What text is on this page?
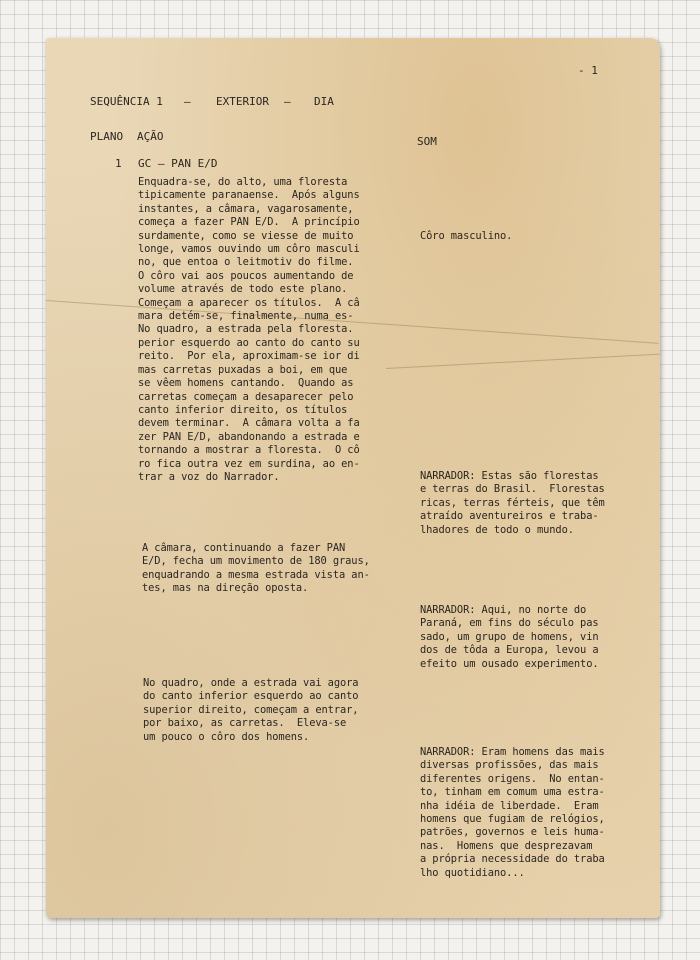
- 1

SEQUÊNCIA 1 — EXTERIOR — DIA

PLANO AÇÃO	SOM

1 GC — PAN E/D

Enquadra-se, do alto, uma floresta
tipicamente paranaense.  Após alguns
instantes, a câmara, vagarosamente,
começa a fazer PAN E/D.  A princípio
surdamente, como se viesse de muito
longe, vamos ouvindo um côro masculi
no, que entoa o leitmotiv do filme.
O côro vai aos poucos aumentando de
volume através de todo este plano.
Começam a aparecer os títulos.  A câ
mara detém-se, finalmente, numa es-
No quadro, a estrada pela floresta.
perior esquerdo ao canto do canto su
reito.  Por ela, aproximam-se ior di
mas carretas puxadas a boi, em que
se vêem homens cantando.  Quando as
carretas começam a desaparecer pelo
canto inferior direito, os títulos
devem terminar.  A câmara volta a fa
zer PAN E/D, abandonando a estrada e
tornando a mostrar a floresta.  O cô
ro fica outra vez em surdina, ao en-
trar a voz do Narrador.

A câmara, continuando a fazer PAN
E/D, fecha um movimento de 180 graus,
enquadrando a mesma estrada vista an-
tes, mas na direção oposta.

No quadro, onde a estrada vai agora
do canto inferior esquerdo ao canto
superior direito, começam a entrar,
por baixo, as carretas.  Eleva-se
um pouco o côro dos homens.

Côro masculino.

NARRADOR: Estas são florestas
e terras do Brasil.  Florestas
ricas, terras férteis, que têm
atraído aventureiros e traba-
lhadores de todo o mundo.

NARRADOR: Aqui, no norte do
Paraná, em fins do século pas
sado, um grupo de homens, vin
dos de tôda a Europa, levou a
efeito um ousado experimento.

NARRADOR: Eram homens das mais
diversas profissões, das mais
diferentes origens.  No entan-
to, tinham em comum uma estra-
nha idéia de liberdade.  Eram
homens que fugiam de relógios,
patrões, governos e leis huma-
nas.  Homens que desprezavam
a própria necessidade do traba
lho quotidiano...
